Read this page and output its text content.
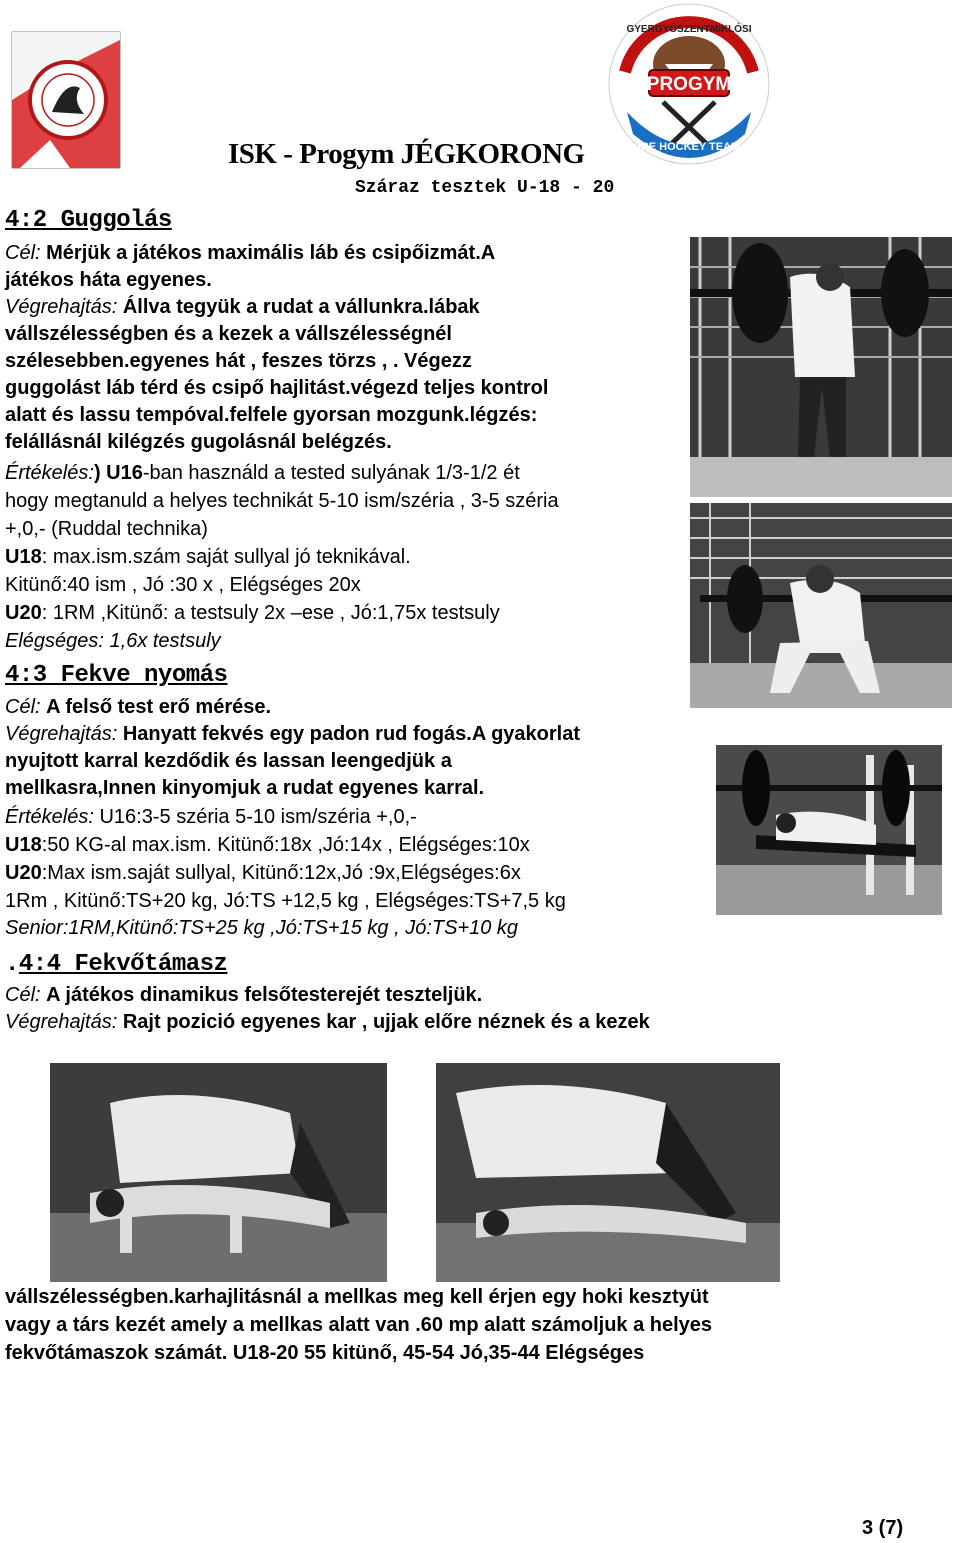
GYERGYÓSZENTMIKLÓSI
PROGYM
ICE HOCKEY TEAM
ISK - Progym JÉGKORONG
Száraz tesztek U-18 - 20
4:2 Guggolás
Cél: Mérjük a játékos maximális láb és csipőizmát.A
játékos háta egyenes.
Végrehajtás: Állva tegyük a rudat a vállunkra.lábak
vállszélességben és a kezek a vállszélességnél
szélesebben.egyenes hát , feszes törzs , . Végezz
guggolást láb térd és csipő hajlitást.végezd teljes kontrol
alatt és lassu tempóval.felfele gyorsan mozgunk.légzés:
felállásnál kilégzés gugolásnál belégzés.
Értékelés:) U16-ban használd a tested sulyának 1/3-1/2 ét
hogy megtanuld a helyes technikát 5-10 ism/széria , 3-5 széria
+,0,- (Ruddal technika)
U18: max.ism.szám saját sullyal jó teknikával.
Kitünő:40 ism , Jó :30 x , Elégséges 20x
U20: 1RM ,Kitünő: a testsuly 2x –ese , Jó:1,75x testsuly
Elégséges: 1,6x testsuly
4:3 Fekve nyomás
Cél: A felső test erő mérése.
Végrehajtás: Hanyatt fekvés egy padon rud fogás.A gyakorlat
nyujtott karral kezdődik és lassan leengedjük a
mellkasra,Innen kinyomjuk a rudat egyenes karral.
Értékelés: U16:3-5 széria 5-10 ism/széria +,0,-
U18:50 KG-al max.ism. Kitünő:18x ,Jó:14x , Elégséges:10x
U20:Max ism.saját sullyal, Kitünő:12x,Jó :9x,Elégséges:6x
1Rm , Kitünő:TS+20 kg, Jó:TS +12,5 kg , Elégséges:TS+7,5 kg
Senior:1RM,Kitünő:TS+25 kg ,Jó:TS+15 kg , Jó:TS+10 kg
.4:4 Fekvőtámasz
Cél: A játékos dinamikus felsőtesterejét teszteljük.
Végrehajtás: Rajt pozició egyenes kar , ujjak előre néznek és a kezek
vállszélességben.karhajlitásnál a mellkas meg kell érjen egy hoki kesztyüt
vagy a társ kezét amely a mellkas alatt van .60 mp alatt számoljuk a helyes
fekvőtámaszok számát. U18-20 55 kitünő, 45-54 Jó,35-44 Elégséges
3 (7)
